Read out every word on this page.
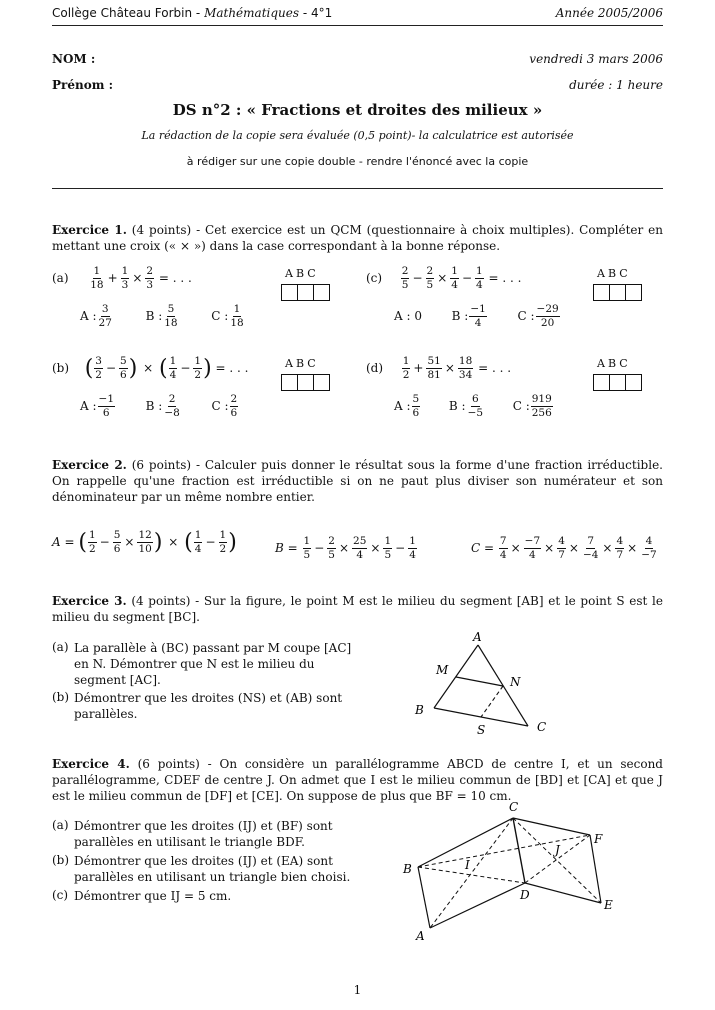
Collège Château Forbin - Mathématiques - 4°1	Année 2005/2006
NOM :
Prénom :
vendredi 3 mars 2006
durée : 1 heure
DS n°2 : « Fractions et droites des milieux »
La rédaction de la copie sera évaluée (0,5 point)- la calculatrice est autorisée
à rédiger sur une copie double - rendre l'énoncé avec la copie
Exercice 1. (4 points) - Cet exercice est un QCM (questionnaire à choix multiples). Compléter en mettant une croix (« × ») dans la case correspondant à la bonne réponse.
$(a) \frac{1}{18} + \frac{1}{3} \times \frac{2}{3}$ = . . .
A : $\frac{3}{27}$	B : $\frac{5}{18}$	C : $\frac{1}{18}$
ABC	$(c) \frac{2}{5} - \frac{2}{5} \times \frac{1}{4} - \frac{1}{4}$ = . . .
A : 0 B : $\frac{-1}{4}$	C : $\frac{-29}{20}$
ABC
(b) ( $\frac{3}{2} - \frac{5}{6}$ ) × ( $\frac{1}{4} - \frac{1}{2}$ ) = . . .
A : $\frac{-1}{6}$	B : $\frac{2}{-8}$	C : $\frac{2}{6}$
ABC	$(d) \frac{1}{2} + \frac{51}{81} \times \frac{18}{34}$ = . . .
A : $\frac{5}{6}$ B : $\frac{6}{-5}$ C : $\frac{919}{256}$
ABC
Exercice 2. (6 points) - Calculer puis donner le résultat sous la forme d'une fraction irréductible. On rappelle qu'une fraction est irréductible si on ne paut plus diviser son numérateur et son dénominateur par un même nombre entier.
A = ( $\frac{1}{2} - \frac{5}{6} \times \frac{12}{10}$ ) × ( $\frac{1}{4} - \frac{1}{2}$ )	$B = \frac{1}{5} - \frac{2}{5} \times \frac{25}{4} \times \frac{1}{5} - \frac{1}{4}$	$C = \frac{7}{4} \times \frac{-7}{4} \times \frac{4}{7} \times \frac{7}{-4} \times \frac{4}{7} \times \frac{4}{-7}$
Exercice 3. (4 points) - Sur la figure, le point M est le milieu du segment [AB] et le point S est le milieu du segment [BC].
(a) La parallèle à (BC) passant par M coupe [AC] en N. Démontrer que N est le milieu du segment [AC].
(b) Démontrer que les droites (NS) et (AB) sont parallèles.
A
M
N
B
S	C
Exercice 4. (6 points) - On considère un parallélogramme ABCD de centre I, et un second parallélogramme, CDEF de centre J. On admet que I est le milieu commun de [BD] et [CA] et que J est le milieu commun de [DF] et [CE]. On suppose de plus que BF = 10 cm.
(a) Démontrer que les droites (IJ) et (BF) sont parallèles en utilisant le triangle BDF.
(b) Démontrer que les droites (IJ) et (EA) sont parallèles en utilisant un triangle bien choisi.
(c) Démontrer que IJ = 5 cm.
C
F
J
B	I
D
E
A
1
